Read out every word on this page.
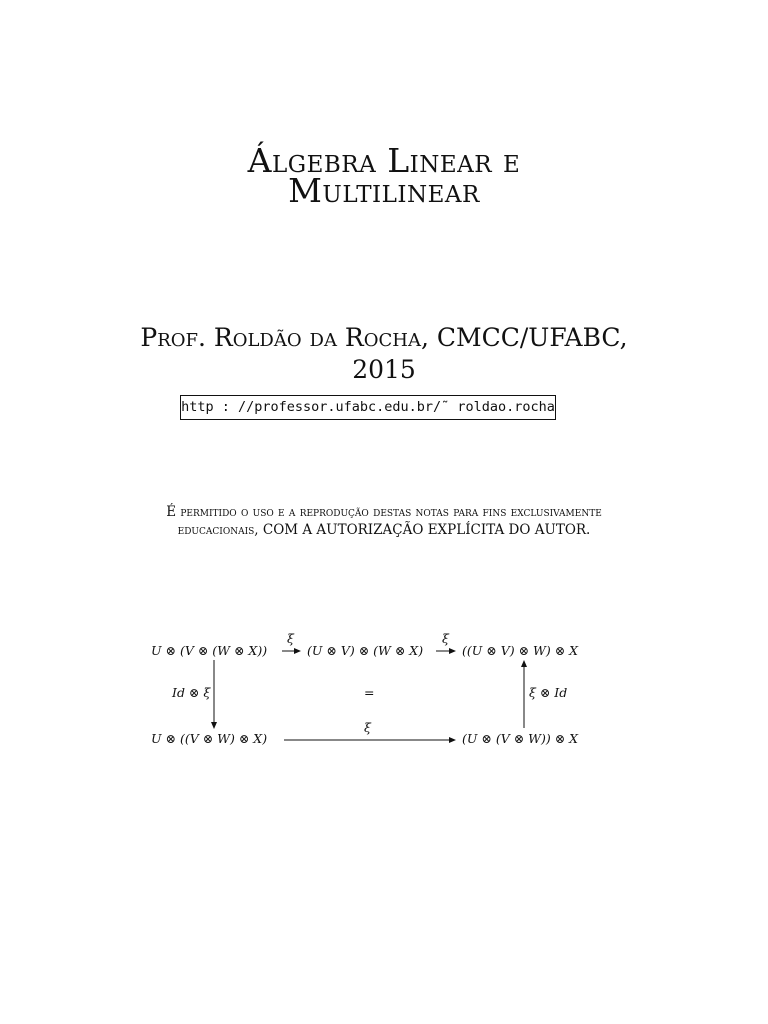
Álgebra Linear e
Multilinear
Prof. Roldão da Rocha, CMCC/UFABC,
2015
http : //professor.ufabc.edu.br/˜ roldao.rocha
É permitido o uso e a reprodução destas notas para fins exclusivamente
educacionais, COM A AUTORIZAÇÃO EXPLÍCITA DO AUTOR.
U ⊗ (V ⊗ (W ⊗ X))	(U ⊗ V) ⊗ (W ⊗ X)	((U ⊗ V) ⊗ W) ⊗ X
U ⊗ ((V ⊗ W) ⊗ X)	(U ⊗ (V ⊗ W)) ⊗ X
ξ	ξ
ξ
Id ⊗ ξ	ξ ⊗ Id
=
